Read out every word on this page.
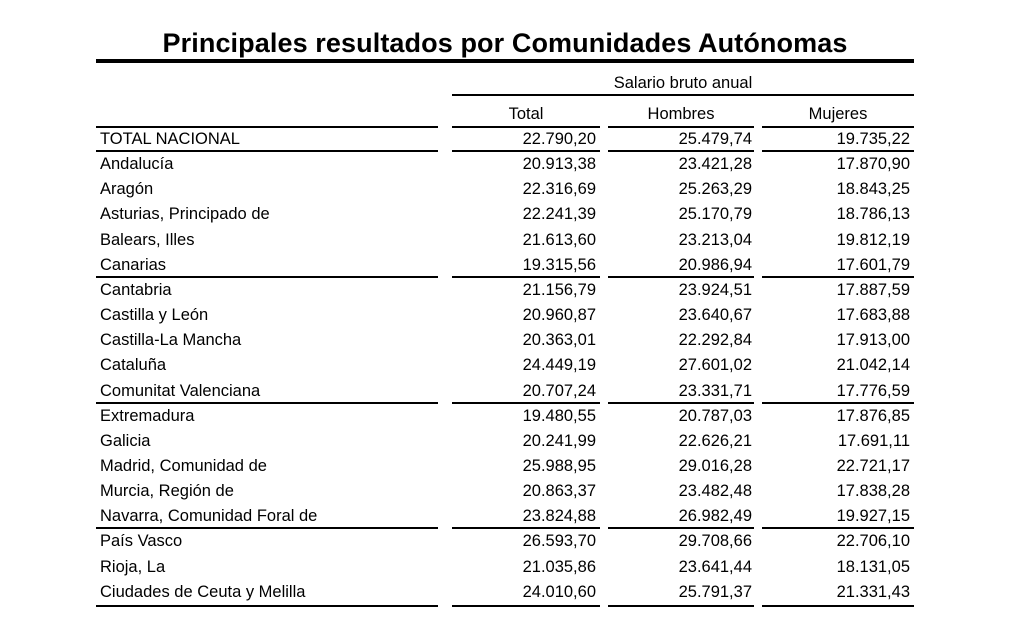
Principales resultados por Comunidades Autónomas
Salario bruto anual
Total	Hombres	Mujeres
TOTAL NACIONAL	22.790,20	25.479,74	19.735,22
Andalucía	20.913,38	23.421,28	17.870,90
Aragón	22.316,69	25.263,29	18.843,25
Asturias, Principado de	22.241,39	25.170,79	18.786,13
Balears, Illes	21.613,60	23.213,04	19.812,19
Canarias	19.315,56	20.986,94	17.601,79
Cantabria	21.156,79	23.924,51	17.887,59
Castilla y León	20.960,87	23.640,67	17.683,88
Castilla-La Mancha	20.363,01	22.292,84	17.913,00
Cataluña	24.449,19	27.601,02	21.042,14
Comunitat Valenciana	20.707,24	23.331,71	17.776,59
Extremadura	19.480,55	20.787,03	17.876,85
Galicia	20.241,99	22.626,21	17.691,11
Madrid, Comunidad de	25.988,95	29.016,28	22.721,17
Murcia, Región de	20.863,37	23.482,48	17.838,28
Navarra, Comunidad Foral de	23.824,88	26.982,49	19.927,15
País Vasco	26.593,70	29.708,66	22.706,10
Rioja, La	21.035,86	23.641,44	18.131,05
Ciudades de Ceuta y Melilla	24.010,60	25.791,37	21.331,43
